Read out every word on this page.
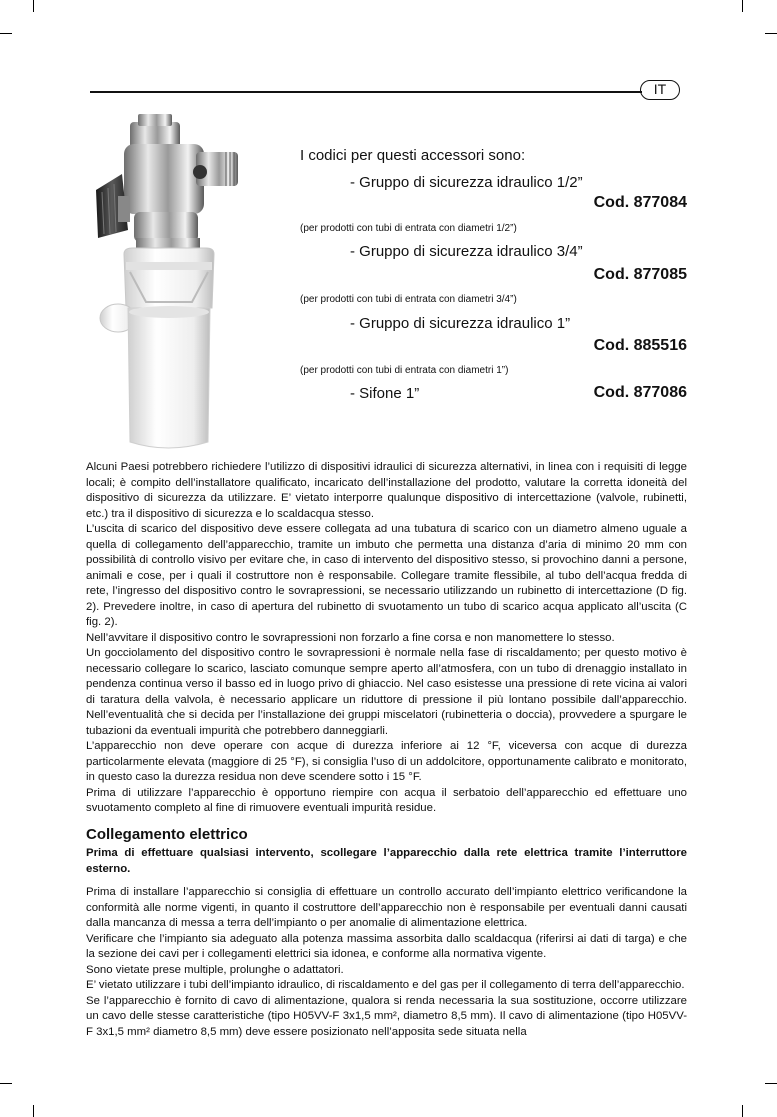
IT
I codici per questi accessori sono:
- Gruppo di sicurezza idraulico 1/2”
Cod. 877084
(per prodotti con tubi di entrata con diametri 1/2”)
- Gruppo di sicurezza idraulico 3/4”
Cod. 877085
(per prodotti con tubi di entrata con diametri 3/4”)
- Gruppo di sicurezza idraulico 1”
Cod. 885516
(per prodotti con tubi di entrata con diametri 1”)
- Sifone 1”	Cod. 877086

Alcuni Paesi potrebbero richiedere l’utilizzo di dispositivi idraulici di sicurezza alternativi, in linea con i requisiti di legge locali; è compito dell’installatore qualificato, incaricato dell’installazione del prodotto, valutare la corretta idoneità del dispositivo di sicurezza da utilizzare. E’ vietato interporre qualunque dispositivo di intercettazione (valvole, rubinetti, etc.) tra il dispositivo di sicurezza e lo scaldacqua stesso.

L’uscita di scarico del dispositivo deve essere collegata ad una tubatura di scarico con un diametro almeno uguale a quella di collegamento dell’apparecchio, tramite un imbuto che permetta una distanza d’aria di minimo 20 mm con possibilità di controllo visivo per evitare che, in caso di intervento del dispositivo stesso, si provochino danni a persone, animali e cose, per i quali il costruttore non è responsabile. Collegare tramite flessibile, al tubo dell’acqua fredda di rete, l’ingresso del dispositivo contro le sovrapressioni, se necessario utilizzando un rubinetto di intercettazione (D fig. 2). Prevedere inoltre, in caso di apertura del rubinetto di svuotamento un tubo di scarico acqua applicato all’uscita (C fig. 2).

Nell’avvitare il dispositivo contro le sovrapressioni non forzarlo a fine corsa e non manomettere lo stesso.

Un gocciolamento del dispositivo contro le sovrapressioni è normale nella fase di riscaldamento; per questo motivo è necessario collegare lo scarico, lasciato comunque sempre aperto all’atmosfera, con un tubo di drenaggio installato in pendenza continua verso il basso ed in luogo privo di ghiaccio. Nel caso esistesse una pressione di rete vicina ai valori di taratura della valvola, è necessario applicare un riduttore di pressione il più lontano possibile dall’apparecchio. Nell’eventualità che si decida per l’installazione dei gruppi miscelatori (rubinetteria o doccia), provvedere a spurgare le tubazioni da eventuali impurità che potrebbero danneggiarli.

L’apparecchio non deve operare con acque di durezza inferiore ai 12 °F, viceversa con acque di durezza particolarmente elevata (maggiore di 25 °F), si consiglia l’uso di un addolcitore, opportunamente calibrato e monitorato, in questo caso la durezza residua non deve scendere sotto i 15 °F.

Prima di utilizzare l’apparecchio è opportuno riempire con acqua il serbatoio dell’apparecchio ed effettuare uno svuotamento completo al fine di rimuovere eventuali impurità residue.

Collegamento elettrico

Prima di effettuare qualsiasi intervento, scollegare l’apparecchio dalla rete elettrica tramite l’interruttore esterno.

Prima di installare l’apparecchio si consiglia di effettuare un controllo accurato dell’impianto elettrico verificandone la conformità alle norme vigenti, in quanto il costruttore dell’apparecchio non è responsabile per eventuali danni causati dalla mancanza di messa a terra dell’impianto o per anomalie di alimentazione elettrica.

Verificare che l’impianto sia adeguato alla potenza massima assorbita dallo scaldacqua (riferirsi ai dati di targa) e che la sezione dei cavi per i collegamenti elettrici sia idonea, e conforme alla normativa vigente.

Sono vietate prese multiple, prolunghe o adattatori.

E’ vietato utilizzare i tubi dell’impianto idraulico, di riscaldamento e del gas per il collegamento di terra dell’apparecchio.

Se l’apparecchio è fornito di cavo di alimentazione, qualora si renda necessaria la sua sostituzione, occorre utilizzare un cavo delle stesse caratteristiche (tipo H05VV-F 3x1,5 mm², diametro 8,5 mm). Il cavo di alimentazione (tipo H05VV-F 3x1,5 mm² diametro 8,5 mm) deve essere posizionato nell’apposita sede situata nella
